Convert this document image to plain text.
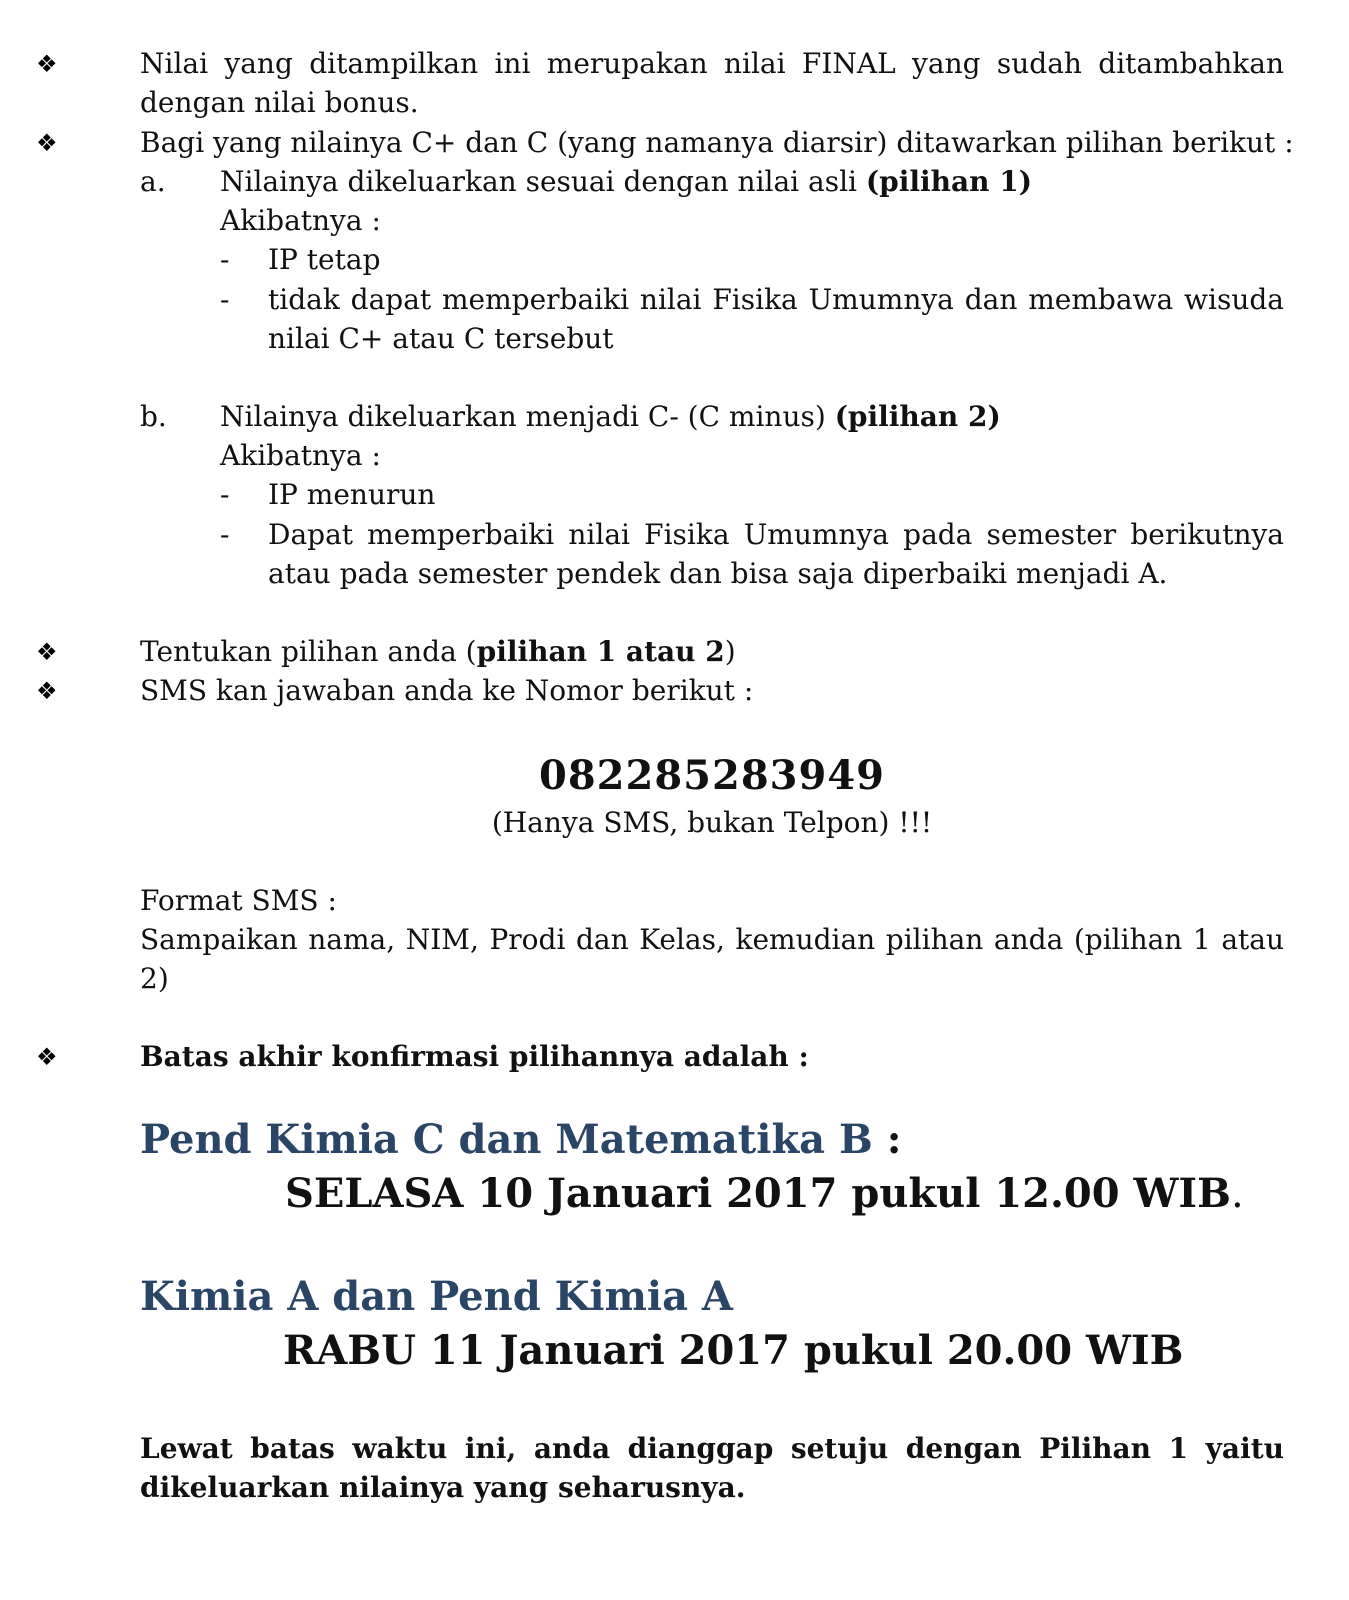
❖	Nilai yang ditampilkan ini merupakan nilai FINAL yang sudah ditambahkan
dengan nilai bonus.
❖	Bagi yang nilainya C+ dan C (yang namanya diarsir) ditawarkan pilihan berikut :
a. Nilainya dikeluarkan sesuai dengan nilai asli (pilihan 1)
Akibatnya :
- IP tetap
- tidak dapat memperbaiki nilai Fisika Umumnya dan membawa wisuda
nilai C+ atau C tersebut
b. Nilainya dikeluarkan menjadi C- (C minus) (pilihan 2)
Akibatnya :
- IP menurun
- Dapat memperbaiki nilai Fisika Umumnya pada semester berikutnya
atau pada semester pendek dan bisa saja diperbaiki menjadi A.
❖	Tentukan pilihan anda (pilihan 1 atau 2)
❖	SMS kan jawaban anda ke Nomor berikut :
082285283949
(Hanya SMS, bukan Telpon) !!!
Format SMS :
Sampaikan nama, NIM, Prodi dan Kelas, kemudian pilihan anda (pilihan 1 atau
2)
❖	Batas akhir konfirmasi pilihannya adalah :
Pend Kimia C dan Matematika B :
SELASA 10 Januari 2017 pukul 12.00 WIB.
Kimia A dan Pend Kimia A
RABU 11 Januari 2017 pukul 20.00 WIB
Lewat batas waktu ini, anda dianggap setuju dengan Pilihan 1 yaitu
dikeluarkan nilainya yang seharusnya.
